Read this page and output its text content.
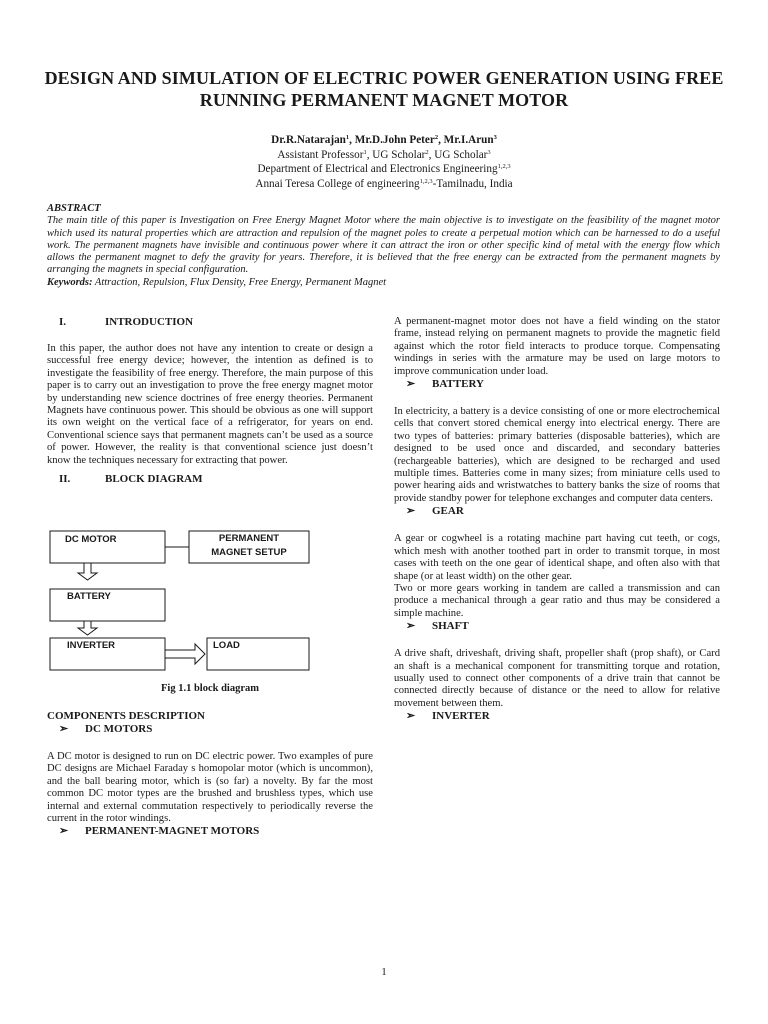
DESIGN AND SIMULATION OF ELECTRIC POWER GENERATION USING FREE RUNNING PERMANENT MAGNET MOTOR
Dr.R.Natarajan$^1$, Mr.D.John Peter$^2$, Mr.I.Arun$^3$
Assistant Professor$^1$, UG Scholar$^2$, UG Scholar$^3$
Department of Electrical and Electronics Engineering$^{1,2,3}$
Annai Teresa College of engineering$^{1,2,3}$-Tamilnadu, India
ABSTRACT

The main title of this paper is Investigation on Free Energy Magnet Motor where the main objective is to investigate on the feasibility of the magnet motor which used its natural properties which are attraction and repulsion of the magnet poles to create a perpetual motion which can be harnessed to do a useful work. The permanent magnets have invisible and continuous power where it can attract the iron or other specific kind of metal with the energy flow which allows the permanent magnet to defy the gravity for years. Therefore, it is believed that the free energy can be extracted from the permanent magnets by arranging the magnets in special configuration.

Keywords: Attraction, Repulsion, Flux Density, Free Energy, Permanent Magnet

I.	INTRODUCTION

In this paper, the author does not have any intention to create or design a successful free energy device; however, the intention as defined is to investigate the feasibility of free energy. Therefore, the main purpose of this paper is to carry out an investigation to prove the free energy magnet motor by understanding new science doctrines of free energy theories. Permanent Magnets have continuous power. This should be obvious as one will support its own weight on the vertical face of a refrigerator, for years on end. Conventional science says that permanent magnets can’t be used as a source of power. However, the reality is that conventional science just doesn’t know the techniques necessary for extracting that power.

II.	BLOCK DIAGRAM
DC MOTOR	PERMANENT
MAGNET SETUP
BATTERY
INVERTER	LOAD
Fig 1.1 block diagram
COMPONENTS DESCRIPTION
➢ DC MOTORS

A DC motor is designed to run on DC electric power. Two examples of pure DC designs are Michael Faraday s homopolar motor (which is uncommon), and the ball bearing motor, which is (so far) a novelty. By far the most common DC motor types are the brushed and brushless types, which use internal and external commutation respectively to periodically reverse the current in the rotor windings.

➢ PERMANENT-MAGNET MOTORS

A permanent-magnet motor does not have a field winding on the stator frame, instead relying on permanent magnets to provide the magnetic field against which the rotor field interacts to produce torque. Compensating windings in series with the armature may be used on large motors to improve communication under load.

➢ BATTERY

In electricity, a battery is a device consisting of one or more electrochemical cells that convert stored chemical energy into electrical energy. There are two types of batteries: primary batteries (disposable batteries), which are designed to be used once and discarded, and secondary batteries (rechargeable batteries), which are designed to be recharged and used multiple times. Batteries come in many sizes; from miniature cells used to power hearing aids and wristwatches to battery banks the size of rooms that provide standby power for telephone exchanges and computer data centers.

➢ GEAR

A gear or cogwheel is a rotating machine part having cut teeth, or cogs, which mesh with another toothed part in order to transmit torque, in most cases with teeth on the one gear of identical shape, and often also with that shape (or at least width) on the other gear.

Two or more gears working in tandem are called a transmission and can produce a mechanical through a gear ratio and thus may be considered a simple machine.

➢ SHAFT

A drive shaft, driveshaft, driving shaft, propeller shaft (prop shaft), or Card an shaft is a mechanical component for transmitting torque and rotation, usually used to connect other components of a drive train that cannot be connected directly because of distance or the need to allow for relative movement between them.

➢ INVERTER
1
